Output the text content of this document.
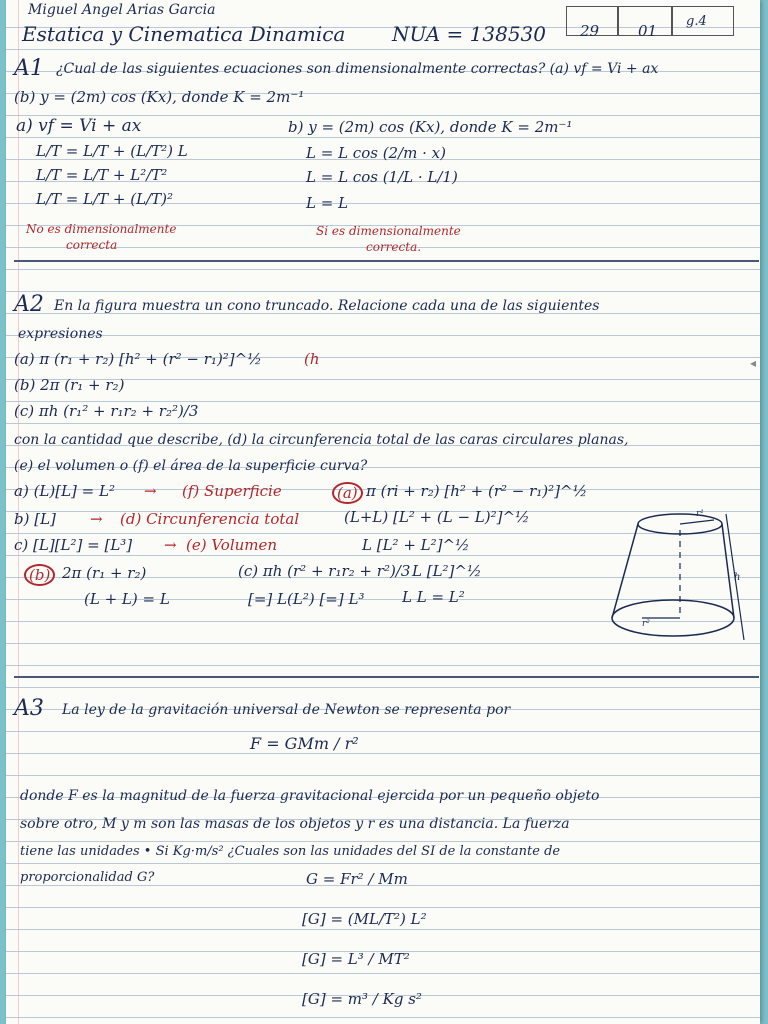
Miguel Angel Arias Garcia
Estatica y Cinematica Dinamica NUA = 138530 29	01
g.4
A1 ¿Cual de las siguientes ecuaciones son dimensionalmente correctas? (a) vf = Vi + ax
(b) y = (2m) cos (Kx), donde K = 2m⁻¹
a) vf = Vi + ax
L/T = L/T + (L/T²) L
L/T = L/T + L²/T²
L/T = L/T + (L/T)²
No es dimensionalmente
correcta
b) y = (2m) cos (Kx), donde K = 2m⁻¹
L = L cos (2/m · x)
L = L cos (1/L · L/1)
L = L
Si es dimensionalmente
correcta.
A2 En la figura muestra un cono truncado. Relacione cada una de las siguientes
expresiones
(a) π (r₁ + r₂) [h² + (r² − r₁)²]^½	(h
(b) 2π (r₁ + r₂)
(c) πh (r₁² + r₁r₂ + r₂²)/3
con la cantidad que describe, (d) la circunferencia total de las caras circulares planas,
(e) el volumen o (f) el área de la superficie curva?
a) (L)[L] = L² → (f) Superficie	(a) π (ri + r₂) [h² + (r² − r₁)²]^½
b) [L] → (d) Circunferencia total	(L+L) [L² + (L − L)²]^½
c) [L][L²] = [L³] → (e) Volumen	L [L² + L²]^½
(b) 2π (r₁ + r₂)	(c) πh (r² + r₁r₂ + r²)/3 L [L²]^½
(L + L) = L	[=] L(L²) [=] L³	L L = L²
r¹
r²
h
A3 La ley de la gravitación universal de Newton se representa por
F = GMm / r²
donde F es la magnitud de la fuerza gravitacional ejercida por un pequeño objeto
sobre otro, M y m son las masas de los objetos y r es una distancia. La fuerza
tiene las unidades • Si Kg·m/s² ¿Cuales son las unidades del SI de la constante de
proporcionalidad G?	G = Fr² / Mm
[G] = (ML/T²) L²
[G] = L³ / MT²
[G] = m³ / Kg s²
◂
